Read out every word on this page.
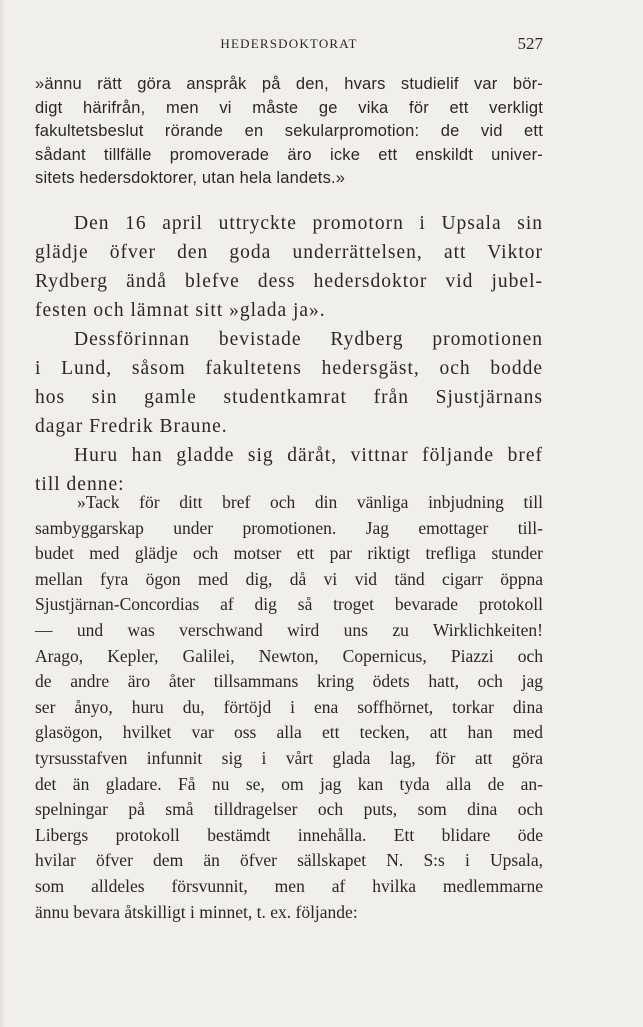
HEDERSDOKTORAT	527
»ännu rätt göra anspråk på den, hvars studielif var bör-
digt härifrån, men vi måste ge vika för ett verkligt
fakultetsbeslut rörande en sekularpromotion: de vid ett
sådant tillfälle promoverade äro icke ett enskildt univer-
sitets hedersdoktorer, utan hela landets.»
Den 16 april uttryckte promotorn i Upsala sin
glädje öfver den goda underrättelsen, att Viktor
Rydberg ändå blefve dess hedersdoktor vid jubel-
festen och lämnat sitt »glada ja».
Dessförinnan bevistade Rydberg promotionen
i Lund, såsom fakultetens hedersgäst, och bodde
hos sin gamle studentkamrat från Sjustjärnans
dagar Fredrik Braune.
Huru han gladde sig däråt, vittnar följande bref
till denne:
»Tack för ditt bref och din vänliga inbjudning till
sambyggarskap under promotionen. Jag emottager till-
budet med glädje och motser ett par riktigt trefliga stunder
mellan fyra ögon med dig, då vi vid tänd cigarr öppna
Sjustjärnan-Concordias af dig så troget bevarade protokoll
— und was verschwand wird uns zu Wirklichkeiten!
Arago, Kepler, Galilei, Newton, Copernicus, Piazzi och
de andre äro åter tillsammans kring ödets hatt, och jag
ser ånyo, huru du, förtöjd i ena soffhörnet, torkar dina
glasögon, hvilket var oss alla ett tecken, att han med
tyrsusstafven infunnit sig i vårt glada lag, för att göra
det än gladare. Få nu se, om jag kan tyda alla de an-
spelningar på små tilldragelser och puts, som dina och
Libergs protokoll bestämdt innehålla. Ett blidare öde
hvilar öfver dem än öfver sällskapet N. S:s i Upsala,
som alldeles försvunnit, men af hvilka medlemmarne
ännu bevara åtskilligt i minnet, t. ex. följande:
